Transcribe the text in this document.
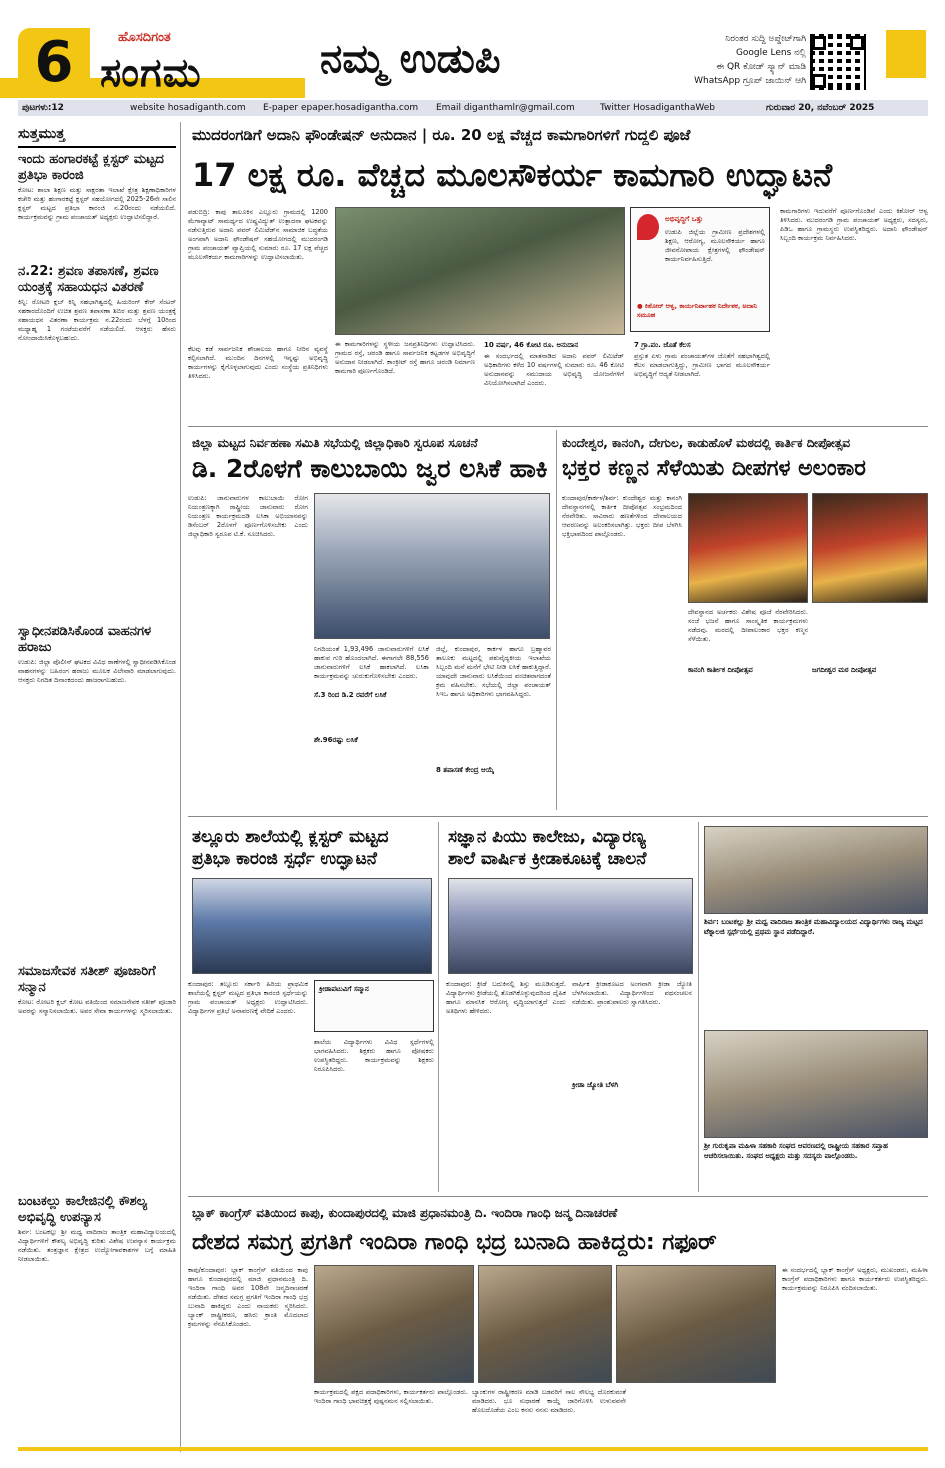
6	ಹೊಸದಿಗಂತ
ಸಂಗಮ	ನಮ್ಮ ಉಡುಪಿ	ನಿರಂತರ ಸುದ್ದಿ ಅಪ್ಡೇಟ್‌ಗಾಗಿ
Google Lens ನಲ್ಲಿ
ಈ QR ಕೋಡ್ ಸ್ಕ್ಯಾನ್ ಮಾಡಿ
WhatsApp ಗ್ರೂಪ್ ಜಾಯಿನ್ ಆಗಿ
ಪುಟಗಳು:12	website hosadiganth.com E-paper epaper.hosadigantha.com Email diganthamlr@gmail.com	Twitter HosadiganthaWeb	ಗುರುವಾರ 20, ನವೆಂಬರ್ 2025
ಸುತ್ತಮುತ್ತ
ಇಂದು ಹಂಗಾರಕಟ್ಟೆ ಕ್ಲಸ್ಟರ್ ಮಟ್ಟದ ಪ್ರತಿಭಾ ಕಾರಂಜಿ
ಕೋಟ: ಶಾಲಾ ಶಿಕ್ಷಣ ಮತ್ತು ಸಾಕ್ಷರತಾ ಇಲಾಖೆ ಕ್ಷೇತ್ರ ಶಿಕ್ಷಣಾಧಿಕಾರಿಗಳ ಕಚೇರಿ ಮತ್ತು ಹಂಗಾರಕಟ್ಟೆ ಕ್ಲಸ್ಟರ್ ಸಹಯೋಗದಲ್ಲಿ 2025-26ನೇ ಸಾಲಿನ ಕ್ಲಸ್ಟರ್ ಮಟ್ಟದ ಪ್ರತಿಭಾ ಕಾರಂಜಿ ನ.20ರಂದು ನಡೆಯಲಿದೆ. ಕಾರ್ಯಕ್ರಮವನ್ನು ಗ್ರಾಮ ಪಂಚಾಯತ್ ಅಧ್ಯಕ್ಷರು ಉದ್ಘಾಟಿಸಲಿದ್ದಾರೆ.
ನ.22: ಶ್ರವಣ ತಪಾಸಣೆ, ಶ್ರವಣ ಯಂತ್ರಕ್ಕೆ ಸಹಾಯಧನ ವಿತರಣೆ
ಕಿನ್ನಿ: ರೋಟರಿ ಕ್ಲಬ್ ಕಿನ್ನಿ ಸಹಭಾಗಿತ್ವದಲ್ಲಿ ಹಿಯರಿಂಗ್ ಕೇರ್ ಸೆಂಟರ್ ಸಹಕಾರದೊಂದಿಗೆ ಉಚಿತ ಶ್ರವಣ ತಪಾಸಣಾ ಶಿಬಿರ ಮತ್ತು ಶ್ರವಣ ಯಂತ್ರಕ್ಕೆ ಸಹಾಯಧನ ವಿತರಣಾ ಕಾರ್ಯಕ್ರಮ ನ.22ರಂದು ಬೆಳಗ್ಗೆ 10ರಿಂದ ಮಧ್ಯಾಹ್ನ 1 ಗಂಟೆಯವರೆಗೆ ನಡೆಯಲಿದೆ. ಆಸಕ್ತರು ಹೆಸರು ನೋಂದಾಯಿಸಿಕೊಳ್ಳಬಹುದು.
ಸ್ವಾಧೀನಪಡಿಸಿಕೊಂಡ ವಾಹನಗಳ ಹರಾಜು
ಉಡುಪಿ: ಜಿಲ್ಲಾ ಪೊಲೀಸ್ ಘಟಕದ ವಿವಿಧ ಠಾಣೆಗಳಲ್ಲಿ ಸ್ವಾಧೀನಪಡಿಸಿಕೊಂಡ ವಾಹನಗಳನ್ನು ಬಹಿರಂಗ ಹರಾಜು ಮೂಲಕ ವಿಲೇವಾರಿ ಮಾಡಲಾಗುವುದು. ಆಸಕ್ತರು ನಿಗದಿತ ದಿನಾಂಕದಂದು ಹಾಜರಾಗಬಹುದು.
ಸಮಾಜಸೇವಕ ಸತೀಶ್ ಪೂಜಾರಿಗೆ ಸನ್ಮಾನ
ಕೋಟ: ರೋಟರಿ ಕ್ಲಬ್ ಕೋಟ ವತಿಯಿಂದ ಸಮಾಜಸೇವಕ ಸತೀಶ್ ಪೂಜಾರಿ ಅವರನ್ನು ಸನ್ಮಾನಿಸಲಾಯಿತು. ಅವರ ಸೇವಾ ಕಾರ್ಯಗಳನ್ನು ಸ್ಮರಿಸಲಾಯಿತು.
ಬಂಟಕಲ್ಲು ಕಾಲೇಜಿನಲ್ಲಿ ಕೌಶಲ್ಯ ಅಭಿವೃದ್ಧಿ ಉಪನ್ಯಾಸ
ಶಿರ್ವ: ಬಂಟಕಲ್ಲು ಶ್ರೀ ಮಧ್ವ ವಾದಿರಾಜ ತಾಂತ್ರಿಕ ಮಹಾವಿದ್ಯಾಲಯದಲ್ಲಿ ವಿದ್ಯಾರ್ಥಿಗಳಿಗೆ ಕೌಶಲ್ಯ ಅಭಿವೃದ್ಧಿ ಕುರಿತು ವಿಶೇಷ ಉಪನ್ಯಾಸ ಕಾರ್ಯಕ್ರಮ ನಡೆಯಿತು. ತಂತ್ರಜ್ಞಾನ ಕ್ಷೇತ್ರದ ಉದ್ಯೋಗಾವಕಾಶಗಳ ಬಗ್ಗೆ ಮಾಹಿತಿ ನೀಡಲಾಯಿತು.
ಮುದರಂಗಡಿಗೆ ಅದಾನಿ ಫೌಂಡೇಷನ್ ಅನುದಾನ | ರೂ. 20 ಲಕ್ಷ ವೆಚ್ಚದ ಕಾಮಗಾರಿಗಳಿಗೆ ಗುದ್ದಲಿ ಪೂಜೆ
17 ಲಕ್ಷ ರೂ. ವೆಚ್ಚದ ಮೂಲಸೌಕರ್ಯ ಕಾಮಗಾರಿ ಉದ್ಘಾಟನೆ
ಪಡುಬಿದ್ರಿ: ಕಾಪು ತಾಲೂಕಿನ ಎಲ್ಲೂರು ಗ್ರಾಮದಲ್ಲಿ 1200 ಮೆಗಾವ್ಯಾಟ್ ಸಾಮರ್ಥ್ಯದ ಉಷ್ಣವಿದ್ಯುತ್ ಉತ್ಪಾದನಾ ಘಟಕವನ್ನು ನಡೆಸುತ್ತಿರುವ ಅದಾನಿ ಪವರ್ ಲಿಮಿಟೆಡ್‌ನ ಸಾಮಾಜಿಕ ಬದ್ಧತೆಯ ಅಂಗವಾಗಿ ಅದಾನಿ ಫೌಂಡೇಷನ್ ಸಹಯೋಗದಲ್ಲಿ ಮುದರಂಗಡಿ ಗ್ರಾಮ ಪಂಚಾಯತ್ ವ್ಯಾಪ್ತಿಯಲ್ಲಿ ಸುಮಾರು ರೂ. 17 ಲಕ್ಷ ವೆಚ್ಚದ ಮೂಲಸೌಕರ್ಯ ಕಾಮಗಾರಿಗಳನ್ನು ಉದ್ಘಾಟಿಸಲಾಯಿತು.
ಈ ಕಾಮಗಾರಿಗಳನ್ನು ಸ್ಥಳೀಯ ಜನಪ್ರತಿನಿಧಿಗಳು ಉದ್ಘಾಟಿಸಿದರು. ಗ್ರಾಮದ ರಸ್ತೆ, ಚರಂಡಿ ಹಾಗೂ ಸಾರ್ವಜನಿಕ ಕಟ್ಟಡಗಳ ಅಭಿವೃದ್ಧಿಗೆ ಅನುದಾನ ನೀಡಲಾಗಿದೆ. ಕಾಂಕ್ರೀಟ್ ರಸ್ತೆ ಹಾಗೂ ಚರಂಡಿ ನಿರ್ಮಾಣ ಕಾಮಗಾರಿ ಪೂರ್ಣಗೊಂಡಿದೆ.
ಕೆಲವು ಕಡೆ ಸಾರ್ವಜನಿಕ ಶೌಚಾಲಯ ಹಾಗೂ ನೀರಿನ ವ್ಯವಸ್ಥೆ ಕಲ್ಪಿಸಲಾಗಿದೆ. ಮುಂದಿನ ದಿನಗಳಲ್ಲಿ ಇನ್ನಷ್ಟು ಅಭಿವೃದ್ಧಿ ಕಾರ್ಯಗಳನ್ನು ಕೈಗೊಳ್ಳಲಾಗುವುದು ಎಂದು ಸಂಸ್ಥೆಯ ಪ್ರತಿನಿಧಿಗಳು ತಿಳಿಸಿದರು.
10 ವರ್ಷ, 46 ಕೋಟಿ ರೂ. ಅನುದಾನ
ಈ ಸಂದರ್ಭದಲ್ಲಿ ಮಾತನಾಡಿದ ಅದಾನಿ ಪವರ್ ಲಿಮಿಟೆಡ್ ಅಧಿಕಾರಿಗಳು ಕಳೆದ 10 ವರ್ಷಗಳಲ್ಲಿ ಸುಮಾರು ರೂ. 46 ಕೋಟಿ ಅನುದಾನವನ್ನು ಸಮುದಾಯ ಅಭಿವೃದ್ಧಿ ಯೋಜನೆಗಳಿಗೆ ವಿನಿಯೋಗಿಸಲಾಗಿದೆ ಎಂದರು.
ಅಭಿವೃದ್ಧಿಗೆ ಒತ್ತು
ಉಡುಪಿ ಜಿಲ್ಲೆಯ ಗ್ರಾಮೀಣ ಪ್ರದೇಶಗಳಲ್ಲಿ ಶಿಕ್ಷಣ, ಆರೋಗ್ಯ, ಮೂಲಸೌಕರ್ಯ ಹಾಗೂ ಜೀವನೋಪಾಯ ಕ್ಷೇತ್ರಗಳಲ್ಲಿ ಫೌಂಡೇಷನ್ ಕಾರ್ಯನಿರ್ವಹಿಸುತ್ತಿದೆ.
● ಕಿಶೋರ್ ಆಳ್ವ, ಕಾರ್ಯನಿರ್ವಾಹಕ ನಿರ್ದೇಶಕ, ಅದಾನಿ ಸಮೂಹ
7 ಗ್ರಾ.ಪಂ. ಜೊತೆ ಕೆಲಸ
ಪ್ರಸ್ತುತ ಏಳು ಗ್ರಾಮ ಪಂಚಾಯತ್‌ಗಳ ಜೊತೆಗೆ ಸಹಭಾಗಿತ್ವದಲ್ಲಿ ಕೆಲಸ ಮಾಡಲಾಗುತ್ತಿದ್ದು, ಗ್ರಾಮೀಣ ಭಾಗದ ಮೂಲಸೌಕರ್ಯ ಅಭಿವೃದ್ಧಿಗೆ ಆದ್ಯತೆ ನೀಡಲಾಗಿದೆ.
ಕಾಮಗಾರಿಗಳು ಇದುವರೆಗೆ ಪೂರ್ಣಗೊಂಡಿವೆ ಎಂದು ಕಿಶೋರ್ ಆಳ್ವ ತಿಳಿಸಿದರು. ಮುದರಂಗಡಿ ಗ್ರಾಮ ಪಂಚಾಯತ್ ಅಧ್ಯಕ್ಷರು, ಸದಸ್ಯರು, ಪಿಡಿಒ ಹಾಗೂ ಗ್ರಾಮಸ್ಥರು ಉಪಸ್ಥಿತರಿದ್ದರು. ಅದಾನಿ ಫೌಂಡೇಷನ್ ಸಿಬ್ಬಂದಿ ಕಾರ್ಯಕ್ರಮ ನಿರ್ವಹಿಸಿದರು.
ಜಿಲ್ಲಾ ಮಟ್ಟದ ನಿರ್ವಹಣಾ ಸಮಿತಿ ಸಭೆಯಲ್ಲಿ ಜಿಲ್ಲಾಧಿಕಾರಿ ಸ್ವರೂಪ ಸೂಚನೆ
ಡಿ. 2ರೊಳಗೆ ಕಾಲುಬಾಯಿ ಜ್ವರ ಲಸಿಕೆ ಹಾಕಿ
ಉಡುಪಿ: ಜಾನುವಾರುಗಳ ಕಾಲುಬಾಯಿ ರೋಗ ನಿಯಂತ್ರಣಕ್ಕಾಗಿ ರಾಷ್ಟ್ರೀಯ ಜಾನುವಾರು ರೋಗ ನಿಯಂತ್ರಣ ಕಾರ್ಯಕ್ರಮದಡಿ ಲಸಿಕಾ ಅಭಿಯಾನವನ್ನು ಡಿಸೆಂಬರ್ 2ರೊಳಗೆ ಪೂರ್ಣಗೊಳಿಸಬೇಕು ಎಂದು ಜಿಲ್ಲಾಧಿಕಾರಿ ಸ್ವರೂಪ ಟಿ.ಕೆ. ಸೂಚಿಸಿದರು.
ನಿಗದಿಯಂತೆ 1,93,496 ಜಾನುವಾರುಗಳಿಗೆ ಲಸಿಕೆ ಹಾಕುವ ಗುರಿ ಹೊಂದಲಾಗಿದೆ. ಈಗಾಗಲೇ 88,556 ಜಾನುವಾರುಗಳಿಗೆ ಲಸಿಕೆ ಹಾಕಲಾಗಿದೆ. ಲಸಿಕಾ ಕಾರ್ಯಕ್ರಮವನ್ನು ಚುರುಕುಗೊಳಿಸಬೇಕು ಎಂದರು.
ಸೆ.3 ರಿಂದ ಡಿ.2 ರವರೆಗೆ ಲಸಿಕೆ
ಶೇ.96ರಷ್ಟು ಲಸಿಕೆ
8 ತಪಾಸಣೆ ಕೇಂದ್ರ ಆಯ್ಕೆ
ಜಿಲ್ಲೆ, ಕುಂದಾಪುರ, ಕಾರ್ಕಳ ಹಾಗೂ ಬ್ರಹ್ಮಾವರ ತಾಲೂಕು ಮಟ್ಟದಲ್ಲಿ ಪಶುವೈದ್ಯಕೀಯ ಇಲಾಖೆಯ ಸಿಬ್ಬಂದಿ ಮನೆ ಮನೆಗೆ ಭೇಟಿ ನೀಡಿ ಲಸಿಕೆ ಹಾಕುತ್ತಿದ್ದಾರೆ. ಯಾವುದೇ ಜಾನುವಾರು ಲಸಿಕೆಯಿಂದ ವಂಚಿತವಾಗದಂತೆ ಕ್ರಮ ವಹಿಸಬೇಕು. ಸಭೆಯಲ್ಲಿ ಜಿಲ್ಲಾ ಪಂಚಾಯತ್ ಸಿಇಒ ಹಾಗೂ ಅಧಿಕಾರಿಗಳು ಭಾಗವಹಿಸಿದ್ದರು.
ಕುಂದೇಶ್ವರ, ಕಾನಂಗಿ, ದೇಗುಲ, ಕಾಡುಹೊಳೆ ಮಠದಲ್ಲಿ ಕಾರ್ತಿಕ ದೀಪೋತ್ಸವ
ಭಕ್ತರ ಕಣ್ಣನ ಸೆಳೆಯಿತು ದೀಪಗಳ ಅಲಂಕಾರ
ಕುಂದಾಪುರ/ಕಾರ್ಕಳ/ಶಿರ್ವ: ಕುಂದೇಶ್ವರ ಮತ್ತು ಕಾನಂಗಿ ದೇವಸ್ಥಾನಗಳಲ್ಲಿ ಕಾರ್ತಿಕ ದೀಪೋತ್ಸವ ಸಂಭ್ರಮದಿಂದ ನೆರವೇರಿತು. ಸಾವಿರಾರು ಹಣತೆಗಳಿಂದ ದೇವಾಲಯದ ಆವರಣವನ್ನು ಅಲಂಕರಿಸಲಾಗಿತ್ತು. ಭಕ್ತರು ದೀಪ ಬೆಳಗಿಸಿ ಭಕ್ತಿಭಾವದಿಂದ ಪಾಲ್ಗೊಂಡರು.
ದೇವಸ್ಥಾನದ ಅರ್ಚಕರು ವಿಶೇಷ ಪೂಜೆ ನೆರವೇರಿಸಿದರು. ಸಂಜೆ ಭಜನೆ ಹಾಗೂ ಸಾಂಸ್ಕೃತಿಕ ಕಾರ್ಯಕ್ರಮಗಳು ನಡೆದವು. ಮಠದಲ್ಲಿ ದೀಪಾಲಂಕಾರ ಭಕ್ತರ ಕಣ್ಮನ ಸೆಳೆಯಿತು.
ಕಾನಂಗಿ ಕಾರ್ತೀಕ ದೀಪೋತ್ಸವ	ಜಗದೀಶ್ವರ ಮಠ ದೀಪೋತ್ಸವ
ತಲ್ಲೂರು ಶಾಲೆಯಲ್ಲಿ ಕ್ಲಸ್ಟರ್ ಮಟ್ಟದ
ಪ್ರತಿಭಾ ಕಾರಂಜಿ ಸ್ಪರ್ಧೆ ಉದ್ಘಾಟನೆ
ಕುಂದಾಪುರ: ತಲ್ಲೂರು ಸರ್ಕಾರಿ ಹಿರಿಯ ಪ್ರಾಥಮಿಕ ಶಾಲೆಯಲ್ಲಿ ಕ್ಲಸ್ಟರ್ ಮಟ್ಟದ ಪ್ರತಿಭಾ ಕಾರಂಜಿ ಸ್ಪರ್ಧೆಯನ್ನು ಗ್ರಾಮ ಪಂಚಾಯತ್ ಅಧ್ಯಕ್ಷರು ಉದ್ಘಾಟಿಸಿದರು. ವಿದ್ಯಾರ್ಥಿಗಳ ಪ್ರತಿಭೆ ಅನಾವರಣಕ್ಕೆ ವೇದಿಕೆ ಎಂದರು.
ಕ್ರೀಡಾಪಟುವಿಗೆ ಸನ್ಮಾನ
ಶಾಲೆಯ ವಿದ್ಯಾರ್ಥಿಗಳು ವಿವಿಧ ಸ್ಪರ್ಧೆಗಳಲ್ಲಿ ಭಾಗವಹಿಸಿದರು. ಶಿಕ್ಷಕರು ಹಾಗೂ ಪೋಷಕರು ಉಪಸ್ಥಿತರಿದ್ದರು. ಕಾರ್ಯಕ್ರಮವನ್ನು ಶಿಕ್ಷಕರು ನಿರೂಪಿಸಿದರು.
ಸಜ್ಞಾನ ಪಿಯು ಕಾಲೇಜು, ವಿದ್ಯಾರಣ್ಯ
ಶಾಲೆ ವಾರ್ಷಿಕ ಕ್ರೀಡಾಕೂಟಕ್ಕೆ ಚಾಲನೆ
ಕುಂದಾಪುರ: ಕ್ರೀಡೆ ಬದುಕಿನಲ್ಲಿ ಶಿಸ್ತು ಮೂಡಿಸುತ್ತದೆ. ವಿದ್ಯಾರ್ಥಿಗಳು ಕ್ರೀಡೆಯಲ್ಲಿ ತೊಡಗಿಕೊಳ್ಳುವುದರಿಂದ ದೈಹಿಕ ಹಾಗೂ ಮಾನಸಿಕ ಆರೋಗ್ಯ ವೃದ್ಧಿಯಾಗುತ್ತದೆ ಎಂದು ಅತಿಥಿಗಳು ಹೇಳಿದರು.
ಕ್ರೀಡಾ ಜ್ಯೋತಿ ಬೆಳಗಿ
ವಾರ್ಷಿಕ ಕ್ರೀಡಾಕೂಟದ ಅಂಗವಾಗಿ ಕ್ರೀಡಾ ಜ್ಯೋತಿ ಬೆಳಗಿಸಲಾಯಿತು. ವಿದ್ಯಾರ್ಥಿಗಳಿಂದ ಪಥಸಂಚಲನ ನಡೆಯಿತು. ಪ್ರಾಂಶುಪಾಲರು ಸ್ವಾಗತಿಸಿದರು.
ಶಿರ್ವ: ಬಂಟಕಲ್ಲು ಶ್ರೀ ಮಧ್ವ ವಾದಿರಾಜ ತಾಂತ್ರಿಕ ಮಹಾವಿದ್ಯಾಲಯದ ವಿದ್ಯಾರ್ಥಿಗಳು ರಾಜ್ಯ ಮಟ್ಟದ ಟೆಕ್ನಾಲಜಿ ಸ್ಪರ್ಧೆಯಲ್ಲಿ ಪ್ರಥಮ ಸ್ಥಾನ ಪಡೆದಿದ್ದಾರೆ.
ಶ್ರೀ ಗುರುಕೃಪಾ ಮಹಿಳಾ ಸಹಕಾರಿ ಸಂಘದ ಆವರಣದಲ್ಲಿ ರಾಷ್ಟ್ರೀಯ ಸಹಕಾರ ಸಪ್ತಾಹ ಆಚರಿಸಲಾಯಿತು. ಸಂಘದ ಅಧ್ಯಕ್ಷರು ಮತ್ತು ಸದಸ್ಯರು ಪಾಲ್ಗೊಂಡರು.
ಬ್ಲಾಕ್ ಕಾಂಗ್ರೆಸ್ ವತಿಯಿಂದ ಕಾಪು, ಕುಂದಾಪುರದಲ್ಲಿ ಮಾಜಿ ಪ್ರಧಾನಮಂತ್ರಿ ದಿ. ಇಂದಿರಾ ಗಾಂಧಿ ಜನ್ಮ ದಿನಾಚರಣೆ
ದೇಶದ ಸಮಗ್ರ ಪ್ರಗತಿಗೆ ಇಂದಿರಾ ಗಾಂಧಿ ಭದ್ರ ಬುನಾದಿ ಹಾಕಿದ್ದರು: ಗಫೂರ್
ಕಾಪು/ಕುಂದಾಪುರ: ಬ್ಲಾಕ್ ಕಾಂಗ್ರೆಸ್ ವತಿಯಿಂದ ಕಾಪು ಹಾಗೂ ಕುಂದಾಪುರದಲ್ಲಿ ಮಾಜಿ ಪ್ರಧಾನಮಂತ್ರಿ ದಿ. ಇಂದಿರಾ ಗಾಂಧಿ ಅವರ 108ನೇ ಜನ್ಮದಿನಾಚರಣೆ ನಡೆಯಿತು. ದೇಶದ ಸಮಗ್ರ ಪ್ರಗತಿಗೆ ಇಂದಿರಾ ಗಾಂಧಿ ಭದ್ರ ಬುನಾದಿ ಹಾಕಿದ್ದರು ಎಂದು ನಾಯಕರು ಸ್ಮರಿಸಿದರು. ಬ್ಯಾಂಕ್ ರಾಷ್ಟ್ರೀಕರಣ, ಹಸಿರು ಕ್ರಾಂತಿ ಮೊದಲಾದ ಕ್ರಮಗಳನ್ನು ನೆನಪಿಸಿಕೊಂಡರು.
ಕಾರ್ಯಕ್ರಮದಲ್ಲಿ ಪಕ್ಷದ ಪದಾಧಿಕಾರಿಗಳು, ಕಾರ್ಯಕರ್ತರು ಪಾಲ್ಗೊಂಡರು. ಇಂದಿರಾ ಗಾಂಧಿ ಭಾವಚಿತ್ರಕ್ಕೆ ಪುಷ್ಪನಮನ ಸಲ್ಲಿಸಲಾಯಿತು.
ಬ್ಯಾಂಕುಗಳ ರಾಷ್ಟ್ರೀಕರಣ ಮಾಡಿ ಬಡವರಿಗೆ ಸಾಲ ಸೌಲಭ್ಯ ದೊರಕುವಂತೆ ಮಾಡಿದರು. ಭೂ ಸುಧಾರಣೆ ಕಾಯ್ದೆ ಜಾರಿಗೊಳಿಸಿ ಉಳುವವನೇ ಹೊಲದೊಡೆಯ ಎಂಬ ಕನಸು ನನಸು ಮಾಡಿದರು.
ಈ ಸಂದರ್ಭದಲ್ಲಿ ಬ್ಲಾಕ್ ಕಾಂಗ್ರೆಸ್ ಅಧ್ಯಕ್ಷರು, ಮುಖಂಡರು, ಮಹಿಳಾ ಕಾಂಗ್ರೆಸ್ ಪದಾಧಿಕಾರಿಗಳು ಹಾಗೂ ಕಾರ್ಯಕರ್ತರು ಉಪಸ್ಥಿತರಿದ್ದರು. ಕಾರ್ಯಕ್ರಮವನ್ನು ನಿರೂಪಿಸಿ ವಂದಿಸಲಾಯಿತು.
